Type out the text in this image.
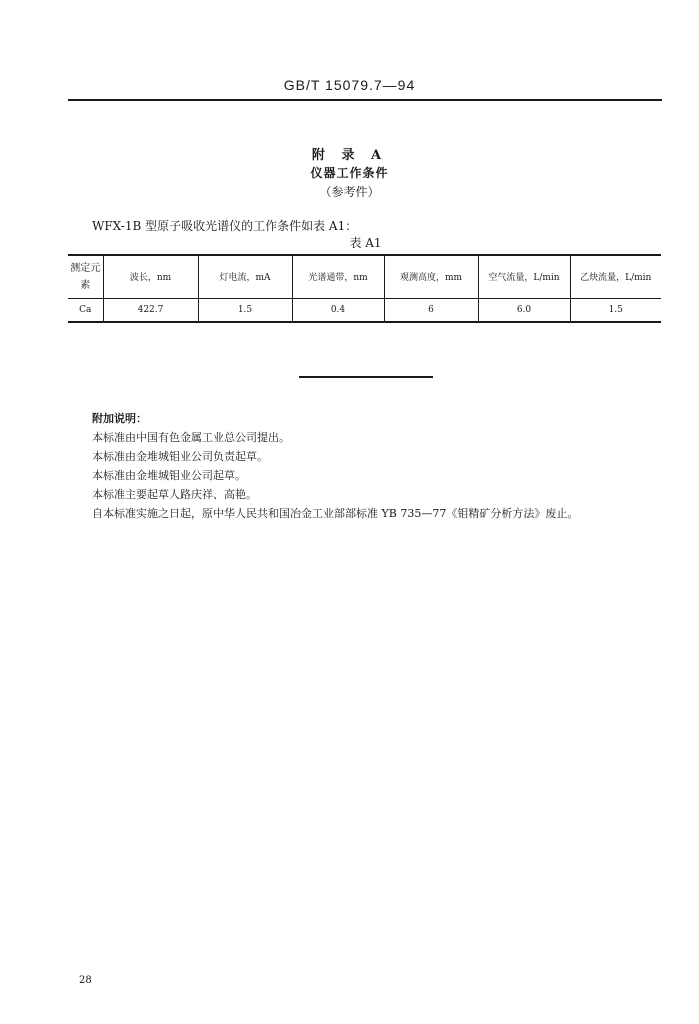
GB/T 15079.7—94
附 录 A
仪器工作条件
（参考件）
WFX-1B 型原子吸收光谱仪的工作条件如表 A1：
表 A1
测定元素	波长，nm	灯电流，mA	光谱通带，nm	观测高度，mm	空气流量，L/min	乙炔流量，L/min
Ca	422.7	1.5	0.4	6	6.0	1.5

附加说明：

本标准由中国有色金属工业总公司提出。

本标准由金堆城钼业公司负责起草。

本标准由金堆城钼业公司起草。

本标准主要起草人路庆祥、高艳。

自本标准实施之日起，原中华人民共和国冶金工业部部标准 YB 735—77《钼精矿分析方法》废止。

28
